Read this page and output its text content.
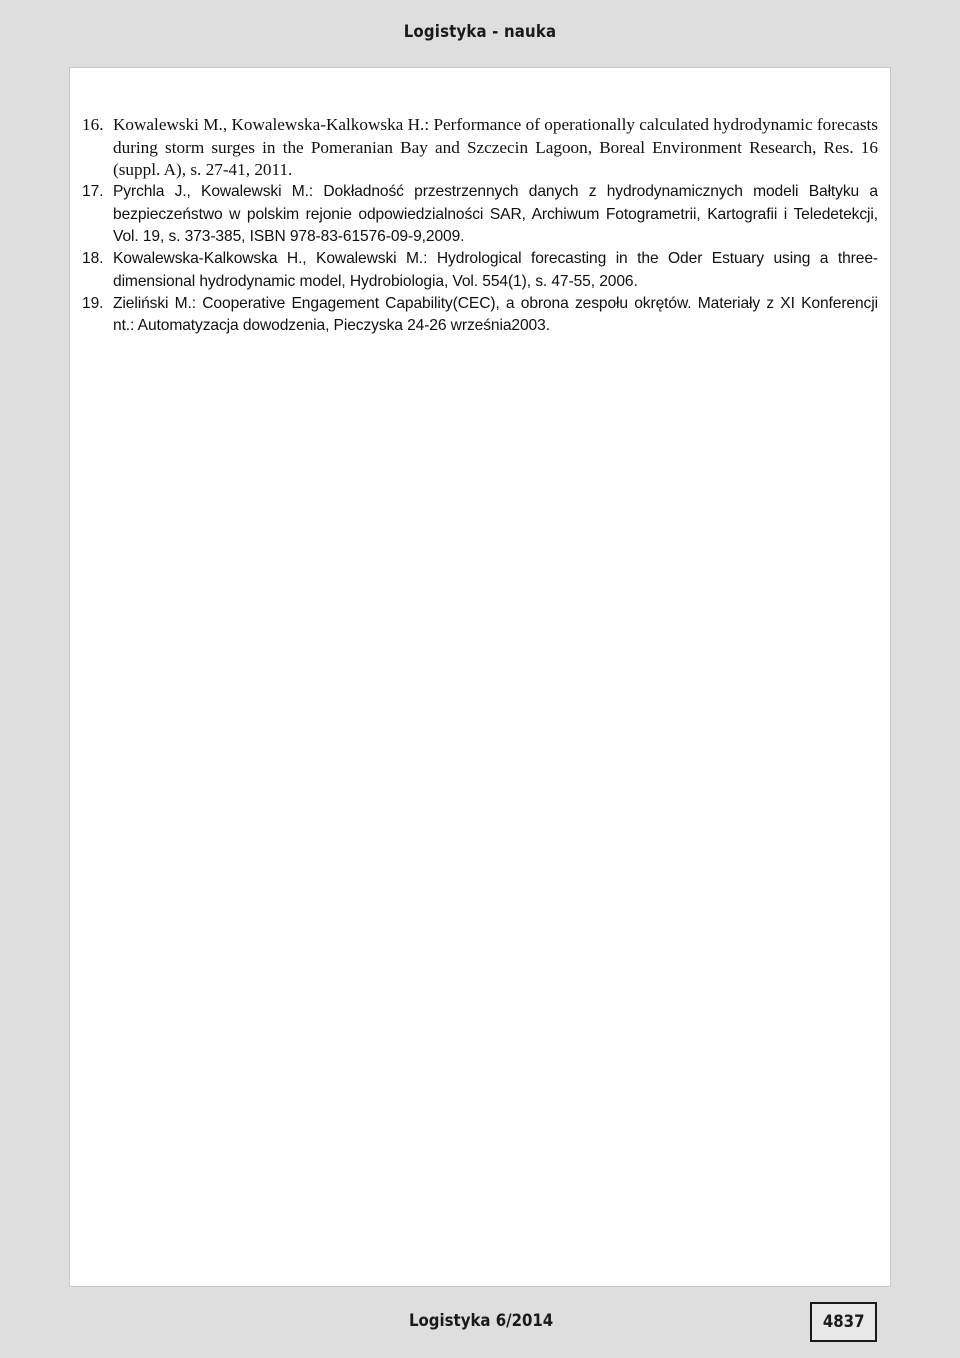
Logistyka - nauka
16. Kowalewski M., Kowalewska-Kalkowska H.: Performance of operationally calculated hydrodynamic forecasts during storm surges in the Pomeranian Bay and Szczecin Lagoon, Boreal Environment Research, Res. 16 (suppl. A), s. 27-41, 2011.
17. Pyrchla J., Kowalewski M.: Dokładność przestrzennych danych z hydrodynamicznych modeli Bałtyku a bezpieczeństwo w polskim rejonie odpowiedzialności SAR, Archiwum Fotogrametrii, Kartografii i Teledetekcji, Vol. 19, s. 373-385, ISBN 978-83-61576-09-9,2009.
18. Kowalewska-Kalkowska H., Kowalewski M.: Hydrological forecasting in the Oder Estuary using a three-dimensional hydrodynamic model, Hydrobiologia, Vol. 554(1), s. 47-55, 2006.
19. Zieliński M.: Cooperative Engagement Capability(CEC), a obrona zespołu okrętów. Materiały z XI Konferencji nt.: Automatyzacja dowodzenia, Pieczyska 24-26 września2003.
Logistyka 6/2014	4837
